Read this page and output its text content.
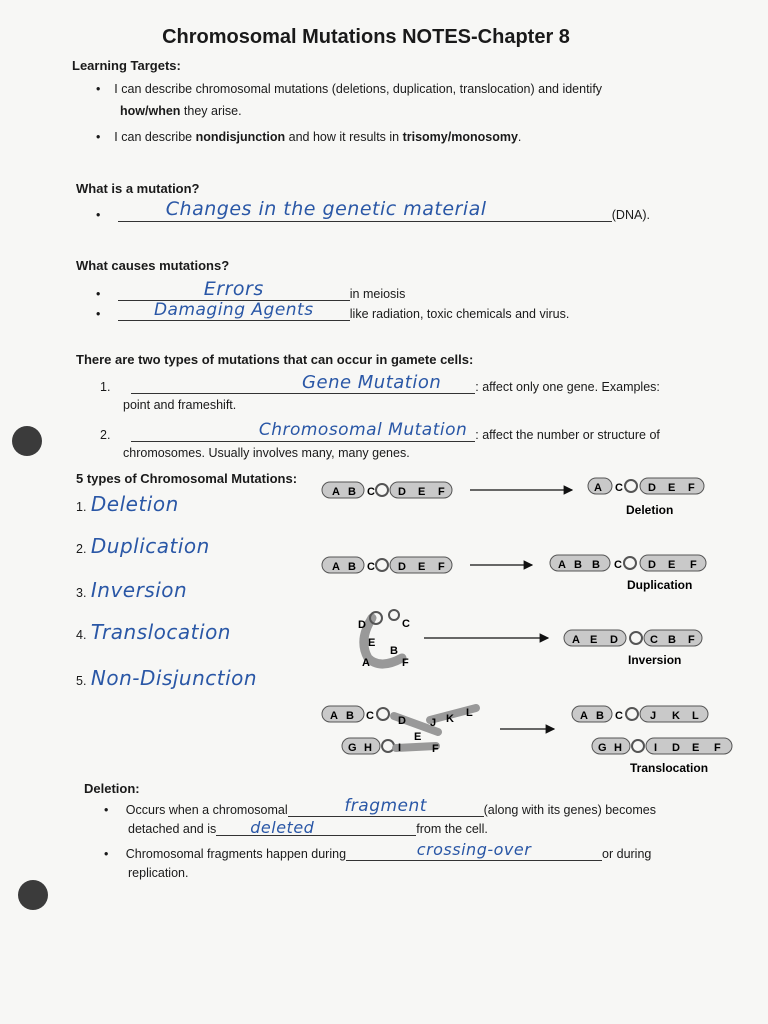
Chromosomal Mutations NOTES-Chapter 8
Learning Targets:
• I can describe chromosomal mutations (deletions, duplication, translocation) and identify
how/when they arise.
• I can describe nondisjunction and how it results in trisomy/monosomy.
What is a mutation?
•	Changes in the genetic material	(DNA).
What causes mutations?
•	Errors	in meiosis
•	Damaging Agents	like radiation, toxic chemicals and virus.
There are two types of mutations that can occur in gamete cells:
1.	Gene Mutation	: affect only one gene. Examples:
point and frameshift.
2.	Chromosomal Mutation : affect the number or structure of
chromosomes. Usually involves many, many genes.
5 types of Chromosomal Mutations:
1. Deletion
2. Duplication
3. Inversion
4. Translocation
5. Non-Disjunction
A B C D E F	A C D E F
Deletion
A B C D E F	A B B C D E F
Duplication
D	C
E
B
A	F
A E D	C B F
Inversion
A B C D J K L
G H I
E
F
A B C J K L
G H	I D E F
Translocation
Deletion:
• Occurs when a chromosomal	fragment	(along with its genes) becomes
detached and is deleted	from the cell.
• Chromosomal fragments happen during	crossing-over	or during
replication.
